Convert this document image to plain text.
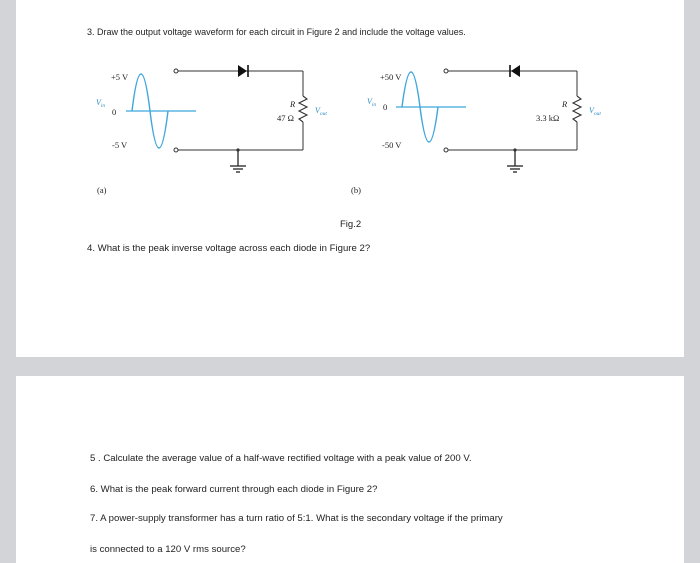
3. Draw the output voltage waveform for each circuit in Figure 2 and include the voltage values.
+5 V
-5 V
$V_{in}$
0
R
47 Ω
$V_{out}$
(a)
+50 V
-50 V
$V_{in}$ 0	R
3.3 kΩ
$V_{out}$
(b)
Fig.2
4. What is the peak inverse voltage across each diode in Figure 2?
5 . Calculate the average value of a half-wave rectified voltage with a peak value of 200 V.
6. What is the peak forward current through each diode in Figure 2?
7. A power-supply transformer has a turn ratio of 5:1. What is the secondary voltage if the primary
is connected to a 120 V rms source?
